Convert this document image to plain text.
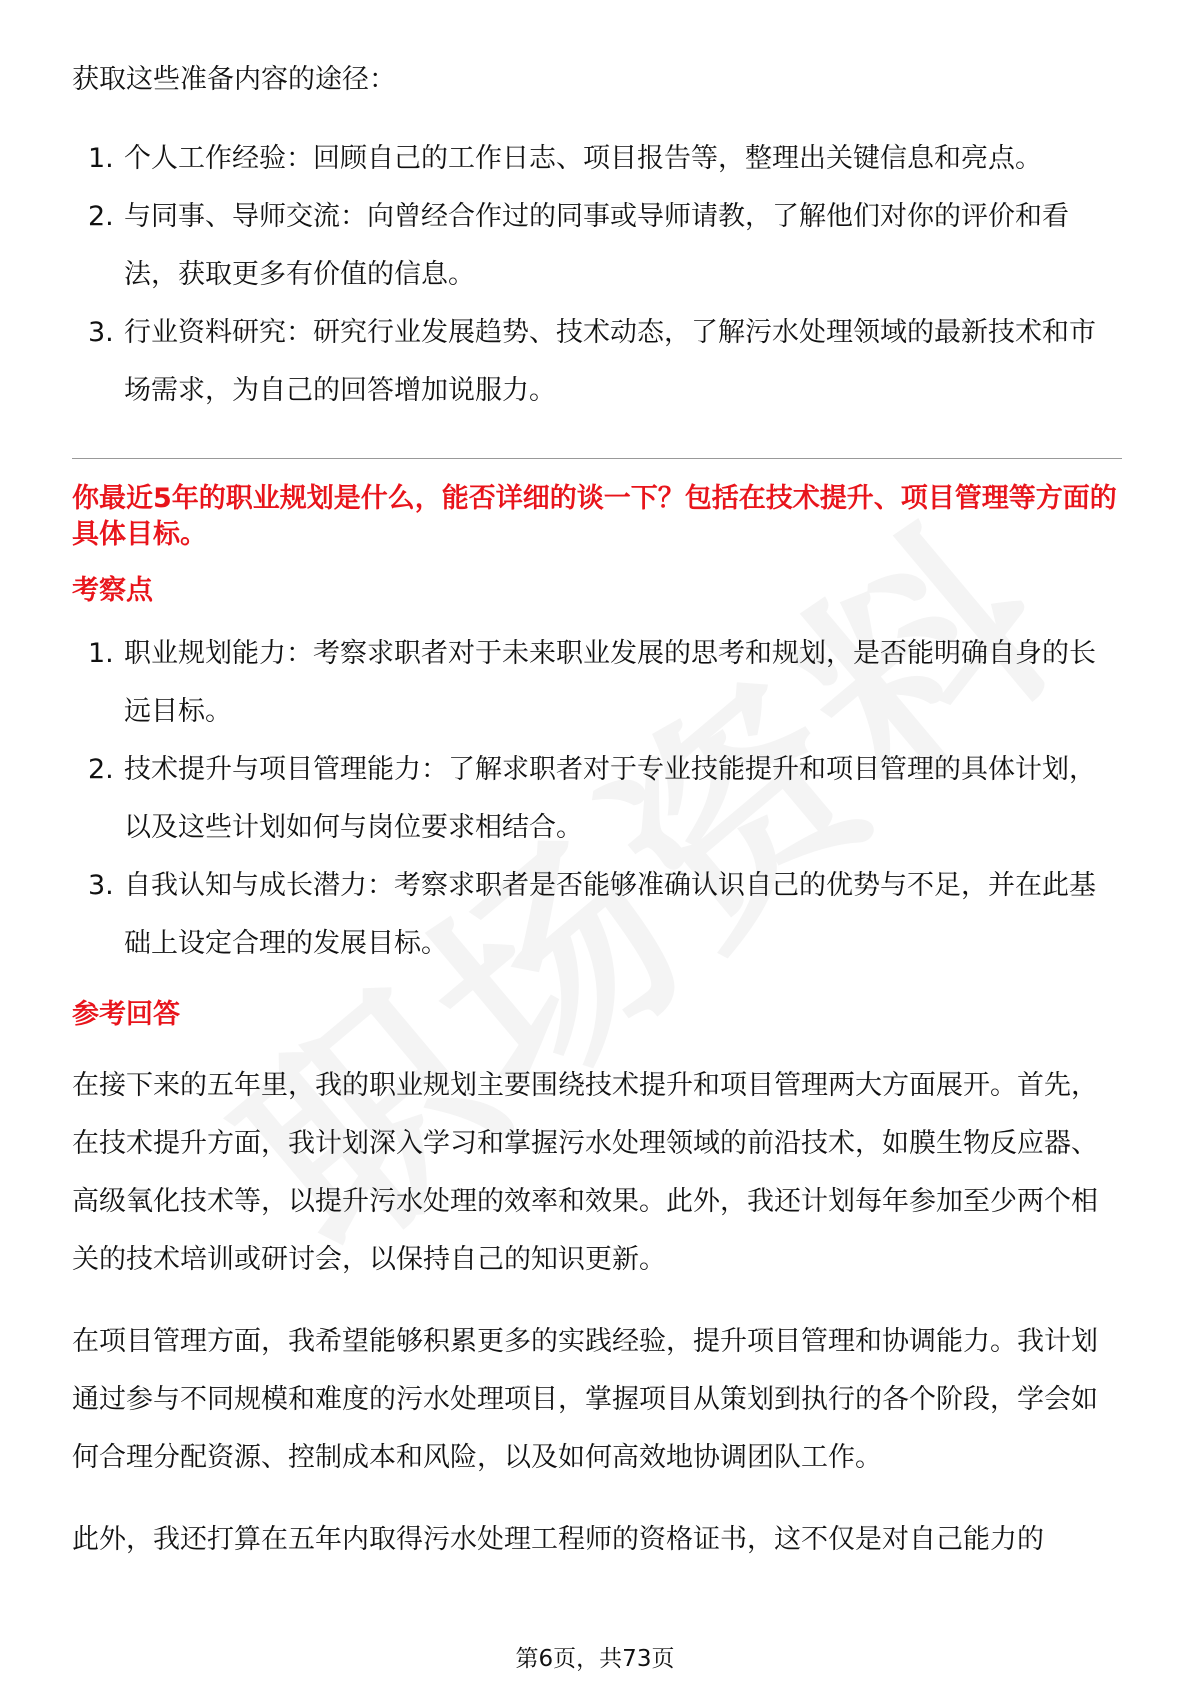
获取这些准备内容的途径：

1. 个人工作经验：回顾自己的工作日志、项目报告等，整理出关键信息和亮点。
2. 与同事、导师交流：向曾经合作过的同事或导师请教，了解他们对你的评价和看法，获取更多有价值的信息。
3. 行业资料研究：研究行业发展趋势、技术动态，了解污水处理领域的最新技术和市场需求，为自己的回答增加说服力。
你最近5年的职业规划是什么，能否详细的谈一下？包括在技术提升、项目管理等方面的具体目标。
考察点
1. 职业规划能力：考察求职者对于未来职业发展的思考和规划，是否能明确自身的长远目标。
2. 技术提升与项目管理能力：了解求职者对于专业技能提升和项目管理的具体计划，以及这些计划如何与岗位要求相结合。
3. 自我认知与成长潜力：考察求职者是否能够准确认识自己的优势与不足，并在此基础上设定合理的发展目标。
参考回答

在接下来的五年里，我的职业规划主要围绕技术提升和项目管理两大方面展开。首先，在技术提升方面，我计划深入学习和掌握污水处理领域的前沿技术，如膜生物反应器、高级氧化技术等，以提升污水处理的效率和效果。此外，我还计划每年参加至少两个相关的技术培训或研讨会，以保持自己的知识更新。

在项目管理方面，我希望能够积累更多的实践经验，提升项目管理和协调能力。我计划通过参与不同规模和难度的污水处理项目，掌握项目从策划到执行的各个阶段，学会如何合理分配资源、控制成本和风险，以及如何高效地协调团队工作。

此外，我还打算在五年内取得污水处理工程师的资格证书，这不仅是对自己能力的

第6页，共73页
